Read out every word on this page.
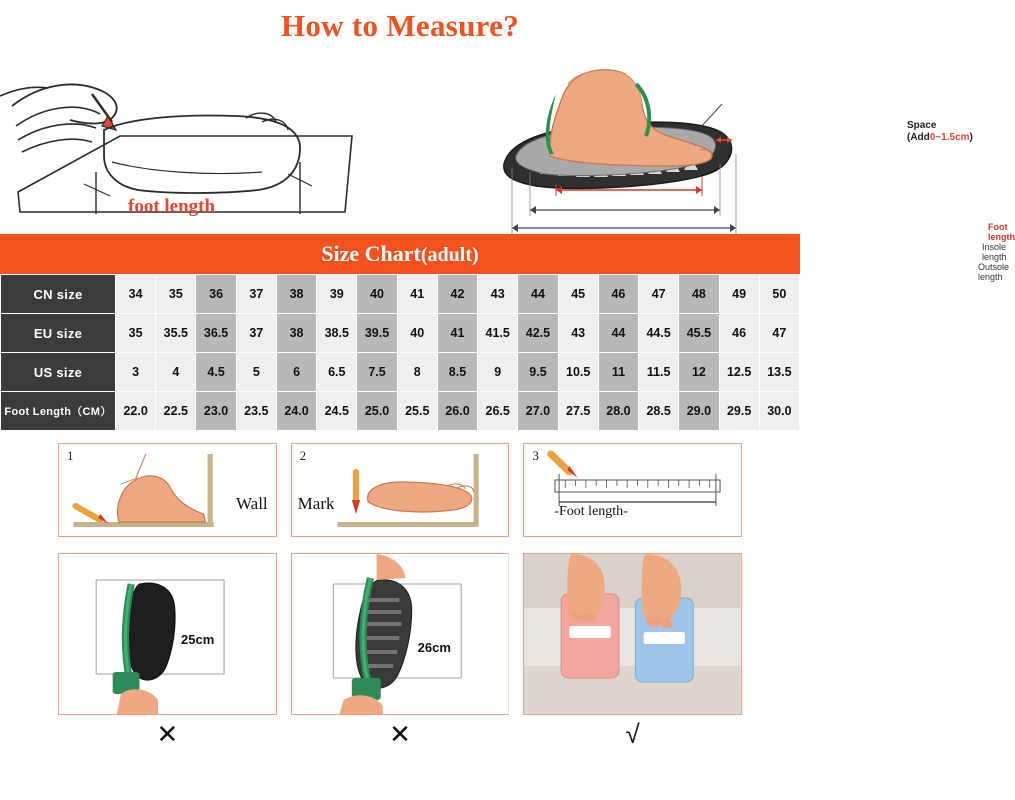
How to Measure?
foot length
Space
(Add0~1.5cm)
Foot length
Insole length
Outsole length
Size Chart(adult)
CN size	34	35	36	37	38	39	40	41	42	43	44	45	46	47	48	49	50
EU size	35	35.5	36.5	37	38	38.5	39.5	40	41	41.5	42.5	43	44	44.5	45.5	46	47
US size	3	4	4.5	5	6	6.5	7.5	8	8.5	9	9.5	10.5	11	11.5	12	12.5	13.5
Foot Length（CM）	22.0	22.5	23.0	23.5	24.0	24.5	25.0	25.5	26.0	26.5	27.0	27.5	28.0	28.5	29.0	29.5	30.0
1
Wall
2
Mark
3
-Foot length-
25cm
26cm
✕	✕	√
